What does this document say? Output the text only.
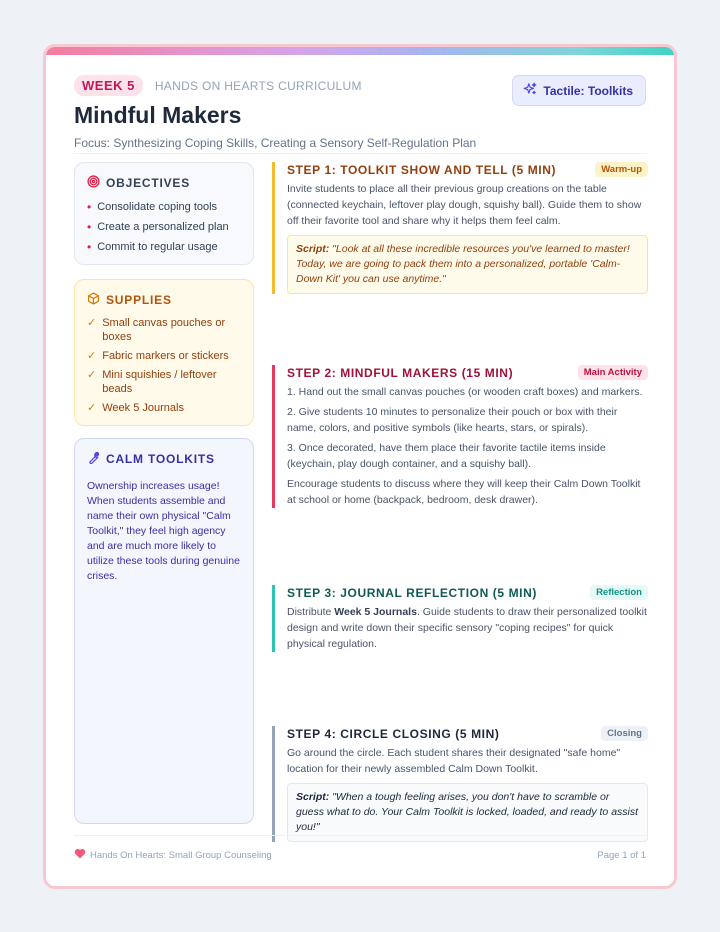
WEEK 5	HANDS ON HEARTS CURRICULUM
Mindful Makers
Focus: Synthesizing Coping Skills, Creating a Sensory Self-Regulation Plan
Tactile: Toolkits
OBJECTIVES
• Consolidate coping tools
• Create a personalized plan
• Commit to regular usage
SUPPLIES
✓ Small canvas pouches or boxes
✓ Fabric markers or stickers
✓ Mini squishies / leftover beads
✓ Week 5 Journals
CALM TOOLKITS
Ownership increases usage! When students assemble and name their own physical "Calm Toolkit," they feel high agency and are much more likely to utilize these tools during genuine crises.
STEP 1: TOOLKIT SHOW AND TELL (5 MIN)	Warm-up

Invite students to place all their previous group creations on the table (connected keychain, leftover play dough, squishy ball). Guide them to show off their favorite tool and share why it helps them feel calm.

Script: "Look at all these incredible resources you've learned to master! Today, we are going to pack them into a personalized, portable 'Calm-Down Kit' you can use anytime."
STEP 2: MINDFUL MAKERS (15 MIN)	Main Activity

1. Hand out the small canvas pouches (or wooden craft boxes) and markers.

2. Give students 10 minutes to personalize their pouch or box with their name, colors, and positive symbols (like hearts, stars, or spirals).

3. Once decorated, have them place their favorite tactile items inside (keychain, play dough container, and a squishy ball).

Encourage students to discuss where they will keep their Calm Down Toolkit at school or home (backpack, bedroom, desk drawer).

STEP 3: JOURNAL REFLECTION (5 MIN)	Reflection

Distribute Week 5 Journals. Guide students to draw their personalized toolkit design and write down their specific sensory "coping recipes" for quick physical regulation.

STEP 4: CIRCLE CLOSING (5 MIN)	Closing

Go around the circle. Each student shares their designated "safe home" location for their newly assembled Calm Down Toolkit.

Script: "When a tough feeling arises, you don't have to scramble or guess what to do. Your Calm Toolkit is locked, loaded, and ready to assist you!"
Hands On Hearts: Small Group Counseling	Page 1 of 1
